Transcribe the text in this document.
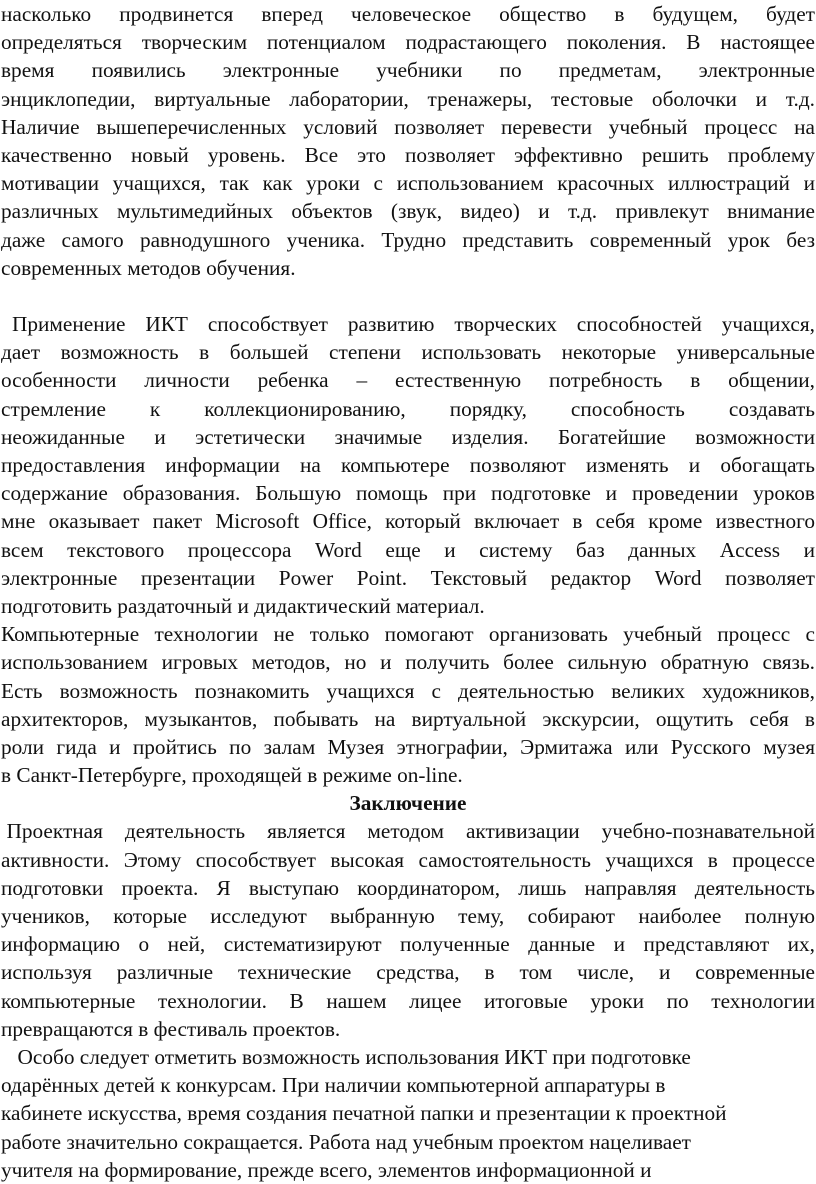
насколько продвинется вперед человеческое общество в будущем, будет
определяться творческим потенциалом подрастающего поколения. В настоящее
время появились электронные учебники по предметам, электронные
энциклопедии, виртуальные лаборатории, тренажеры, тестовые оболочки и т.д.
Наличие вышеперечисленных условий позволяет перевести учебный процесс на
качественно новый уровень. Все это позволяет эффективно решить проблему
мотивации учащихся, так как уроки с использованием красочных иллюстраций и
различных мультимедийных объектов (звук, видео) и т.д. привлекут внимание
даже самого равнодушного ученика. Трудно представить современный урок без
современных методов обучения.
Применение ИКТ способствует развитию творческих способностей учащихся,
дает возможность в большей степени использовать некоторые универсальные
особенности личности ребенка – естественную потребность в общении,
стремление к коллекционированию, порядку, способность создавать
неожиданные и эстетически значимые изделия. Богатейшие возможности
предоставления информации на компьютере позволяют изменять и обогащать
содержание образования. Большую помощь при подготовке и проведении уроков
мне оказывает пакет Microsoft Office, который включает в себя кроме известного
всем текстового процессора Word еще и систему баз данных Access и
электронные презентации Power Point. Текстовый редактор Word позволяет
подготовить раздаточный и дидактический материал.
Компьютерные технологии не только помогают организовать учебный процесс с
использованием игровых методов, но и получить более сильную обратную связь.
Есть возможность познакомить учащихся с деятельностью великих художников,
архитекторов, музыкантов, побывать на виртуальной экскурсии, ощутить себя в
роли гида и пройтись по залам Музея этнографии, Эрмитажа или Русского музея
в Санкт-Петербурге, проходящей в режиме on-line.
Заключение
Проектная деятельность является методом активизации учебно-познавательной
активности. Этому способствует высокая самостоятельность учащихся в процессе
подготовки проекта. Я выступаю координатором, лишь направляя деятельность
учеников, которые исследуют выбранную тему, собирают наиболее полную
информацию о ней, систематизируют полученные данные и представляют их,
используя различные технические средства, в том числе, и современные
компьютерные технологии. В нашем лицее итоговые уроки по технологии
превращаются в фестиваль проектов.
Особо следует отметить возможность использования ИКТ при подготовке
одарённых детей к конкурсам. При наличии компьютерной аппаратуры в
кабинете искусства, время создания печатной папки и презентации к проектной
работе значительно сокращается. Работа над учебным проектом нацеливает
учителя на формирование, прежде всего, элементов информационной и
